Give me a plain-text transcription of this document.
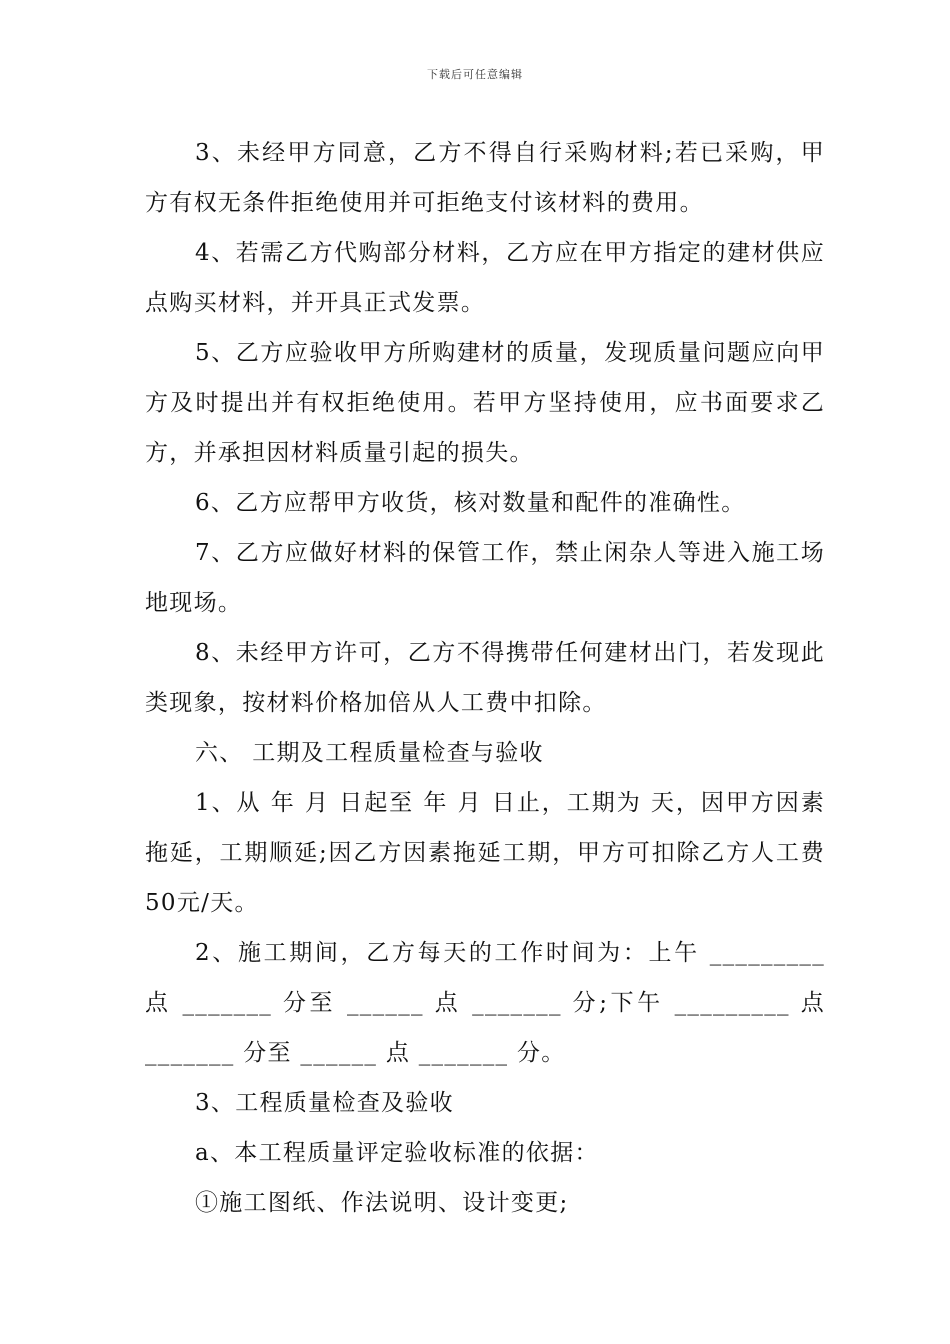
下载后可任意编辑

3、未经甲方同意，乙方不得自行采购材料;若已采购，甲方有权无条件拒绝使用并可拒绝支付该材料的费用。

4、若需乙方代购部分材料，乙方应在甲方指定的建材供应点购买材料，并开具正式发票。

5、乙方应验收甲方所购建材的质量，发现质量问题应向甲方及时提出并有权拒绝使用。若甲方坚持使用，应书面要求乙方，并承担因材料质量引起的损失。

6、乙方应帮甲方收货，核对数量和配件的准确性。

7、乙方应做好材料的保管工作，禁止闲杂人等进入施工场地现场。

8、未经甲方许可，乙方不得携带任何建材出门，若发现此类现象，按材料价格加倍从人工费中扣除。

六、 工期及工程质量检查与验收

1、从 年 月 日起至 年 月 日止，工期为 天，因甲方因素拖延，工期顺延;因乙方因素拖延工期，甲方可扣除乙方人工费50元/天。

2、施工期间，乙方每天的工作时间为：上午 _________ 点 _______ 分至 ______ 点 _______ 分;下午 _________ 点 _______ 分至 ______ 点 _______ 分。

3、工程质量检查及验收

a、本工程质量评定验收标准的依据：

①施工图纸、作法说明、设计变更;
